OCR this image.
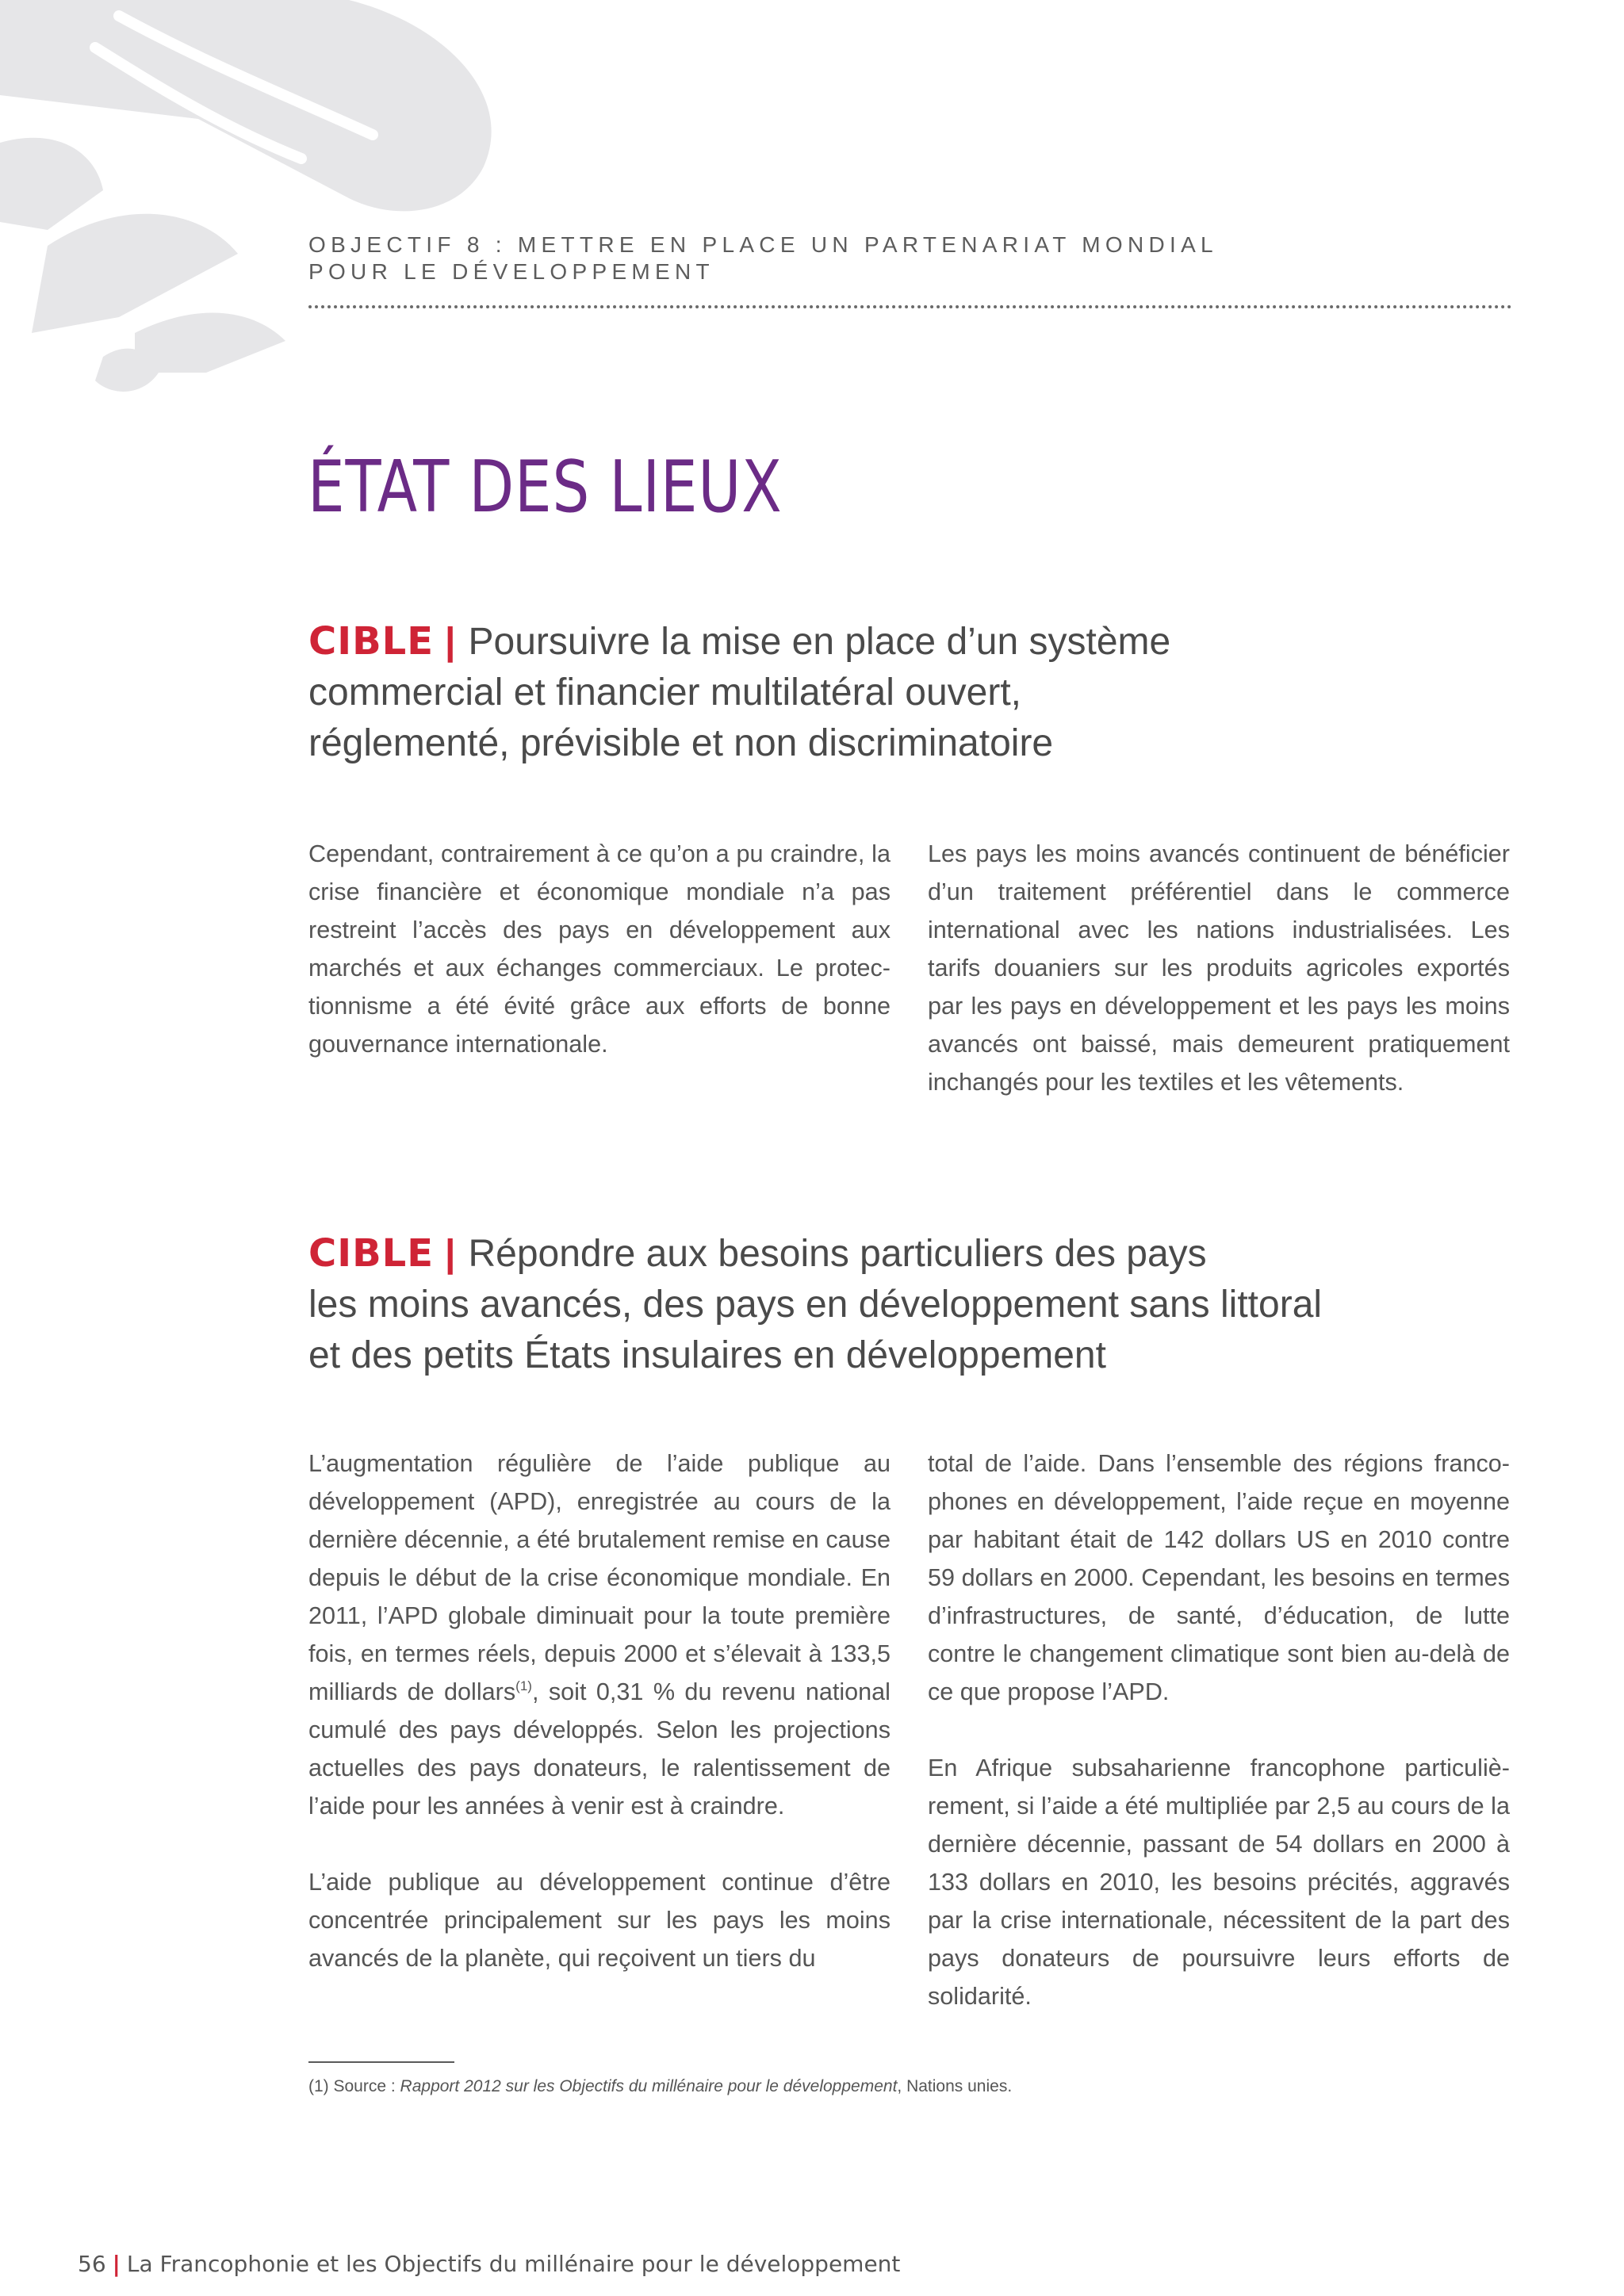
OBJECTIF 8 : METTRE EN PLACE UN PARTENARIAT MONDIAL
POUR LE DÉVELOPPEMENT
ÉTAT DES LIEUX
CIBLE | Poursuivre la mise en place d’un système
commercial et financier multilatéral ouvert,
réglementé, prévisible et non discriminatoire

Cependant, contrairement à ce qu’on a pu craindre, la crise financière et économique mondiale n’a pas restreint l’accès des pays en développement aux marchés et aux échanges commerciaux. Le protectionnisme a été évité grâce aux efforts de bonne gouvernance internationale.

Les pays les moins avancés continuent de bénéficier d’un traitement préférentiel dans le commerce international avec les nations industrialisées. Les tarifs douaniers sur les produits agricoles exportés par les pays en développement et les pays les moins avancés ont baissé, mais demeurent pratiquement inchangés pour les textiles et les vêtements.

CIBLE | Répondre aux besoins particuliers des pays
les moins avancés, des pays en développement sans littoral
et des petits États insulaires en développement

L’augmentation régulière de l’aide publique au développement (APD), enregistrée au cours de la dernière décennie, a été brutalement remise en cause depuis le début de la crise économique mondiale. En 2011, l’APD globale diminuait pour la toute première fois, en termes réels, depuis 2000 et s’élevait à 133,5 milliards de dollars$^{(1)}$, soit 0,31 % du revenu national cumulé des pays développés. Selon les projections actuelles des pays donateurs, le ralentissement de l’aide pour les années à venir est à craindre.

L’aide publique au développement continue d’être concentrée principalement sur les pays les moins avancés de la planète, qui reçoivent un tiers du

total de l’aide. Dans l’ensemble des régions francophones en développement, l’aide reçue en moyenne par habitant était de 142 dollars US en 2010 contre 59 dollars en 2000. Cependant, les besoins en termes d’infrastructures, de santé, d’éducation, de lutte contre le changement climatique sont bien au-delà de ce que propose l’APD.

En Afrique subsaharienne francophone particulièrement, si l’aide a été multipliée par 2,5 au cours de la dernière décennie, passant de 54 dollars en 2000 à 133 dollars en 2010, les besoins précités, aggravés par la crise internationale, nécessitent de la part des pays donateurs de poursuivre leurs efforts de solidarité.

(1) Source : Rapport 2012 sur les Objectifs du millénaire pour le développement, Nations unies.
56 | La Francophonie et les Objectifs du millénaire pour le développement
